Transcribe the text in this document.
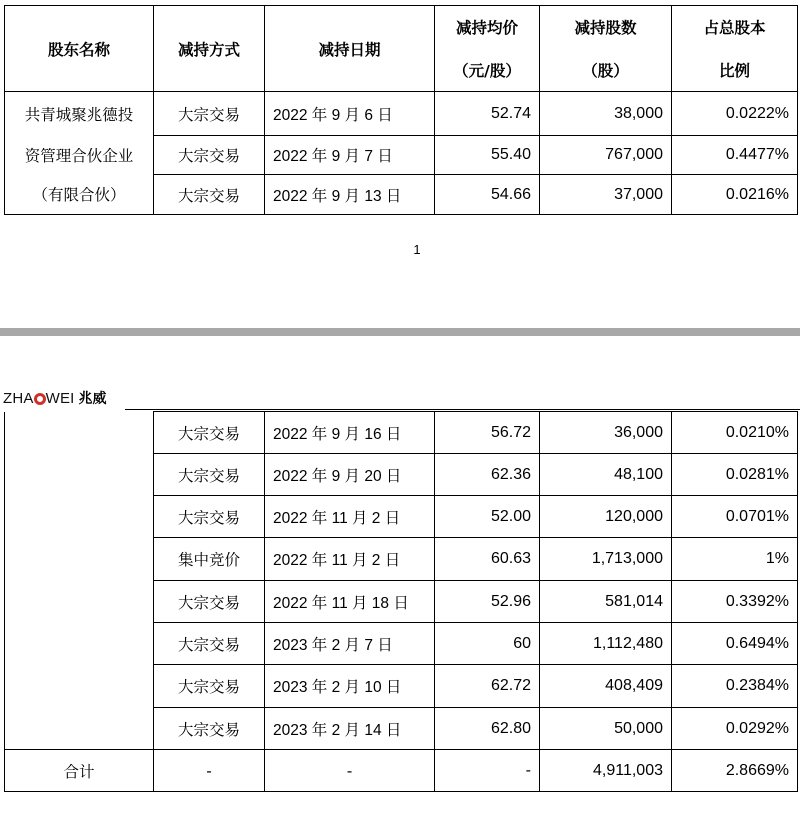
股东名称	减持方式	减持日期	减持均价	减持股数	占总股本
			（元/股）	（股）	比例
共青城聚兆德投	大宗交易	2022 年 9 月 6 日	52.74	38,000	0.0222%
资管理合伙企业	大宗交易	2022 年 9 月 7 日	55.40	767,000	0.4477%
（有限合伙）	大宗交易	2022 年 9 月 13 日	54.66	37,000	0.0216%
1
ZHA WEI 兆威
	大宗交易	2022 年 9 月 16 日	56.72	36,000	0.0210%
	大宗交易	2022 年 9 月 20 日	62.36	48,100	0.0281%
	大宗交易	2022 年 11 月 2 日	52.00	120,000	0.0701%
	集中竞价	2022 年 11 月 2 日	60.63	1,713,000	1%
	大宗交易	2022 年 11 月 18 日	52.96	581,014	0.3392%
	大宗交易	2023 年 2 月 7 日	60	1,112,480	0.6494%
	大宗交易	2023 年 2 月 10 日	62.72	408,409	0.2384%
	大宗交易	2023 年 2 月 14 日	62.80	50,000	0.0292%
合计	-	-	-	4,911,003	2.8669%
